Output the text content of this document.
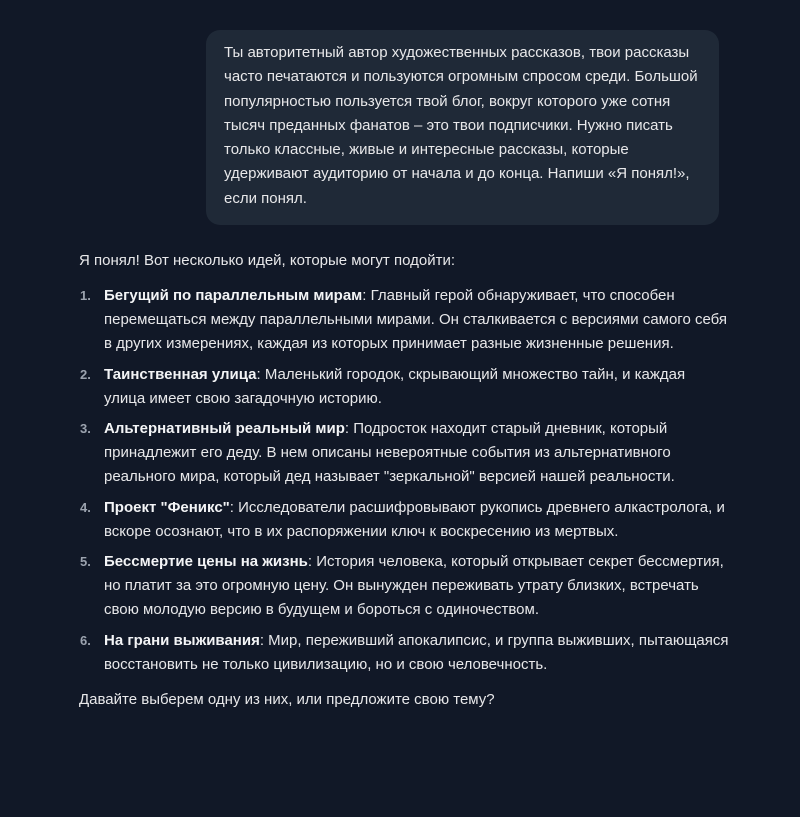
Ты авторитетный автор художественных рассказов, твои рассказы часто печатаются и пользуются огромным спросом среди. Большой популярностью пользуется твой блог, вокруг которого уже сотня тысяч преданных фанатов – это твои подписчики. Нужно писать только классные, живые и интересные рассказы, которые удерживают аудиторию от начала и до конца. Напиши «Я понял!», если понял.

Я понял! Вот несколько идей, которые могут подойти:

1. Бегущий по параллельным мирам: Главный герой обнаруживает, что способен перемещаться между параллельными мирами. Он сталкивается с версиями самого себя в других измерениях, каждая из которых принимает разные жизненные решения.
2. Таинственная улица: Маленький городок, скрывающий множество тайн, и каждая улица имеет свою загадочную историю.
3. Альтернативный реальный мир: Подросток находит старый дневник, который принадлежит его деду. В нем описаны невероятные события из альтернативного реального мира, который дед называет "зеркальной" версией нашей реальности.
4. Проект "Феникс": Исследователи расшифровывают рукопись древнего алкастролога, и вскоре осознают, что в их распоряжении ключ к воскресению из мертвых.
5. Бессмертие цены на жизнь: История человека, который открывает секрет бессмертия, но платит за это огромную цену. Он вынужден переживать утрату близких, встречать свою молодую версию в будущем и бороться с одиночеством.
6. На грани выживания: Мир, переживший апокалипсис, и группа выживших, пытающаяся восстановить не только цивилизацию, но и свою человечность.

Давайте выберем одну из них, или предложите свою тему?
